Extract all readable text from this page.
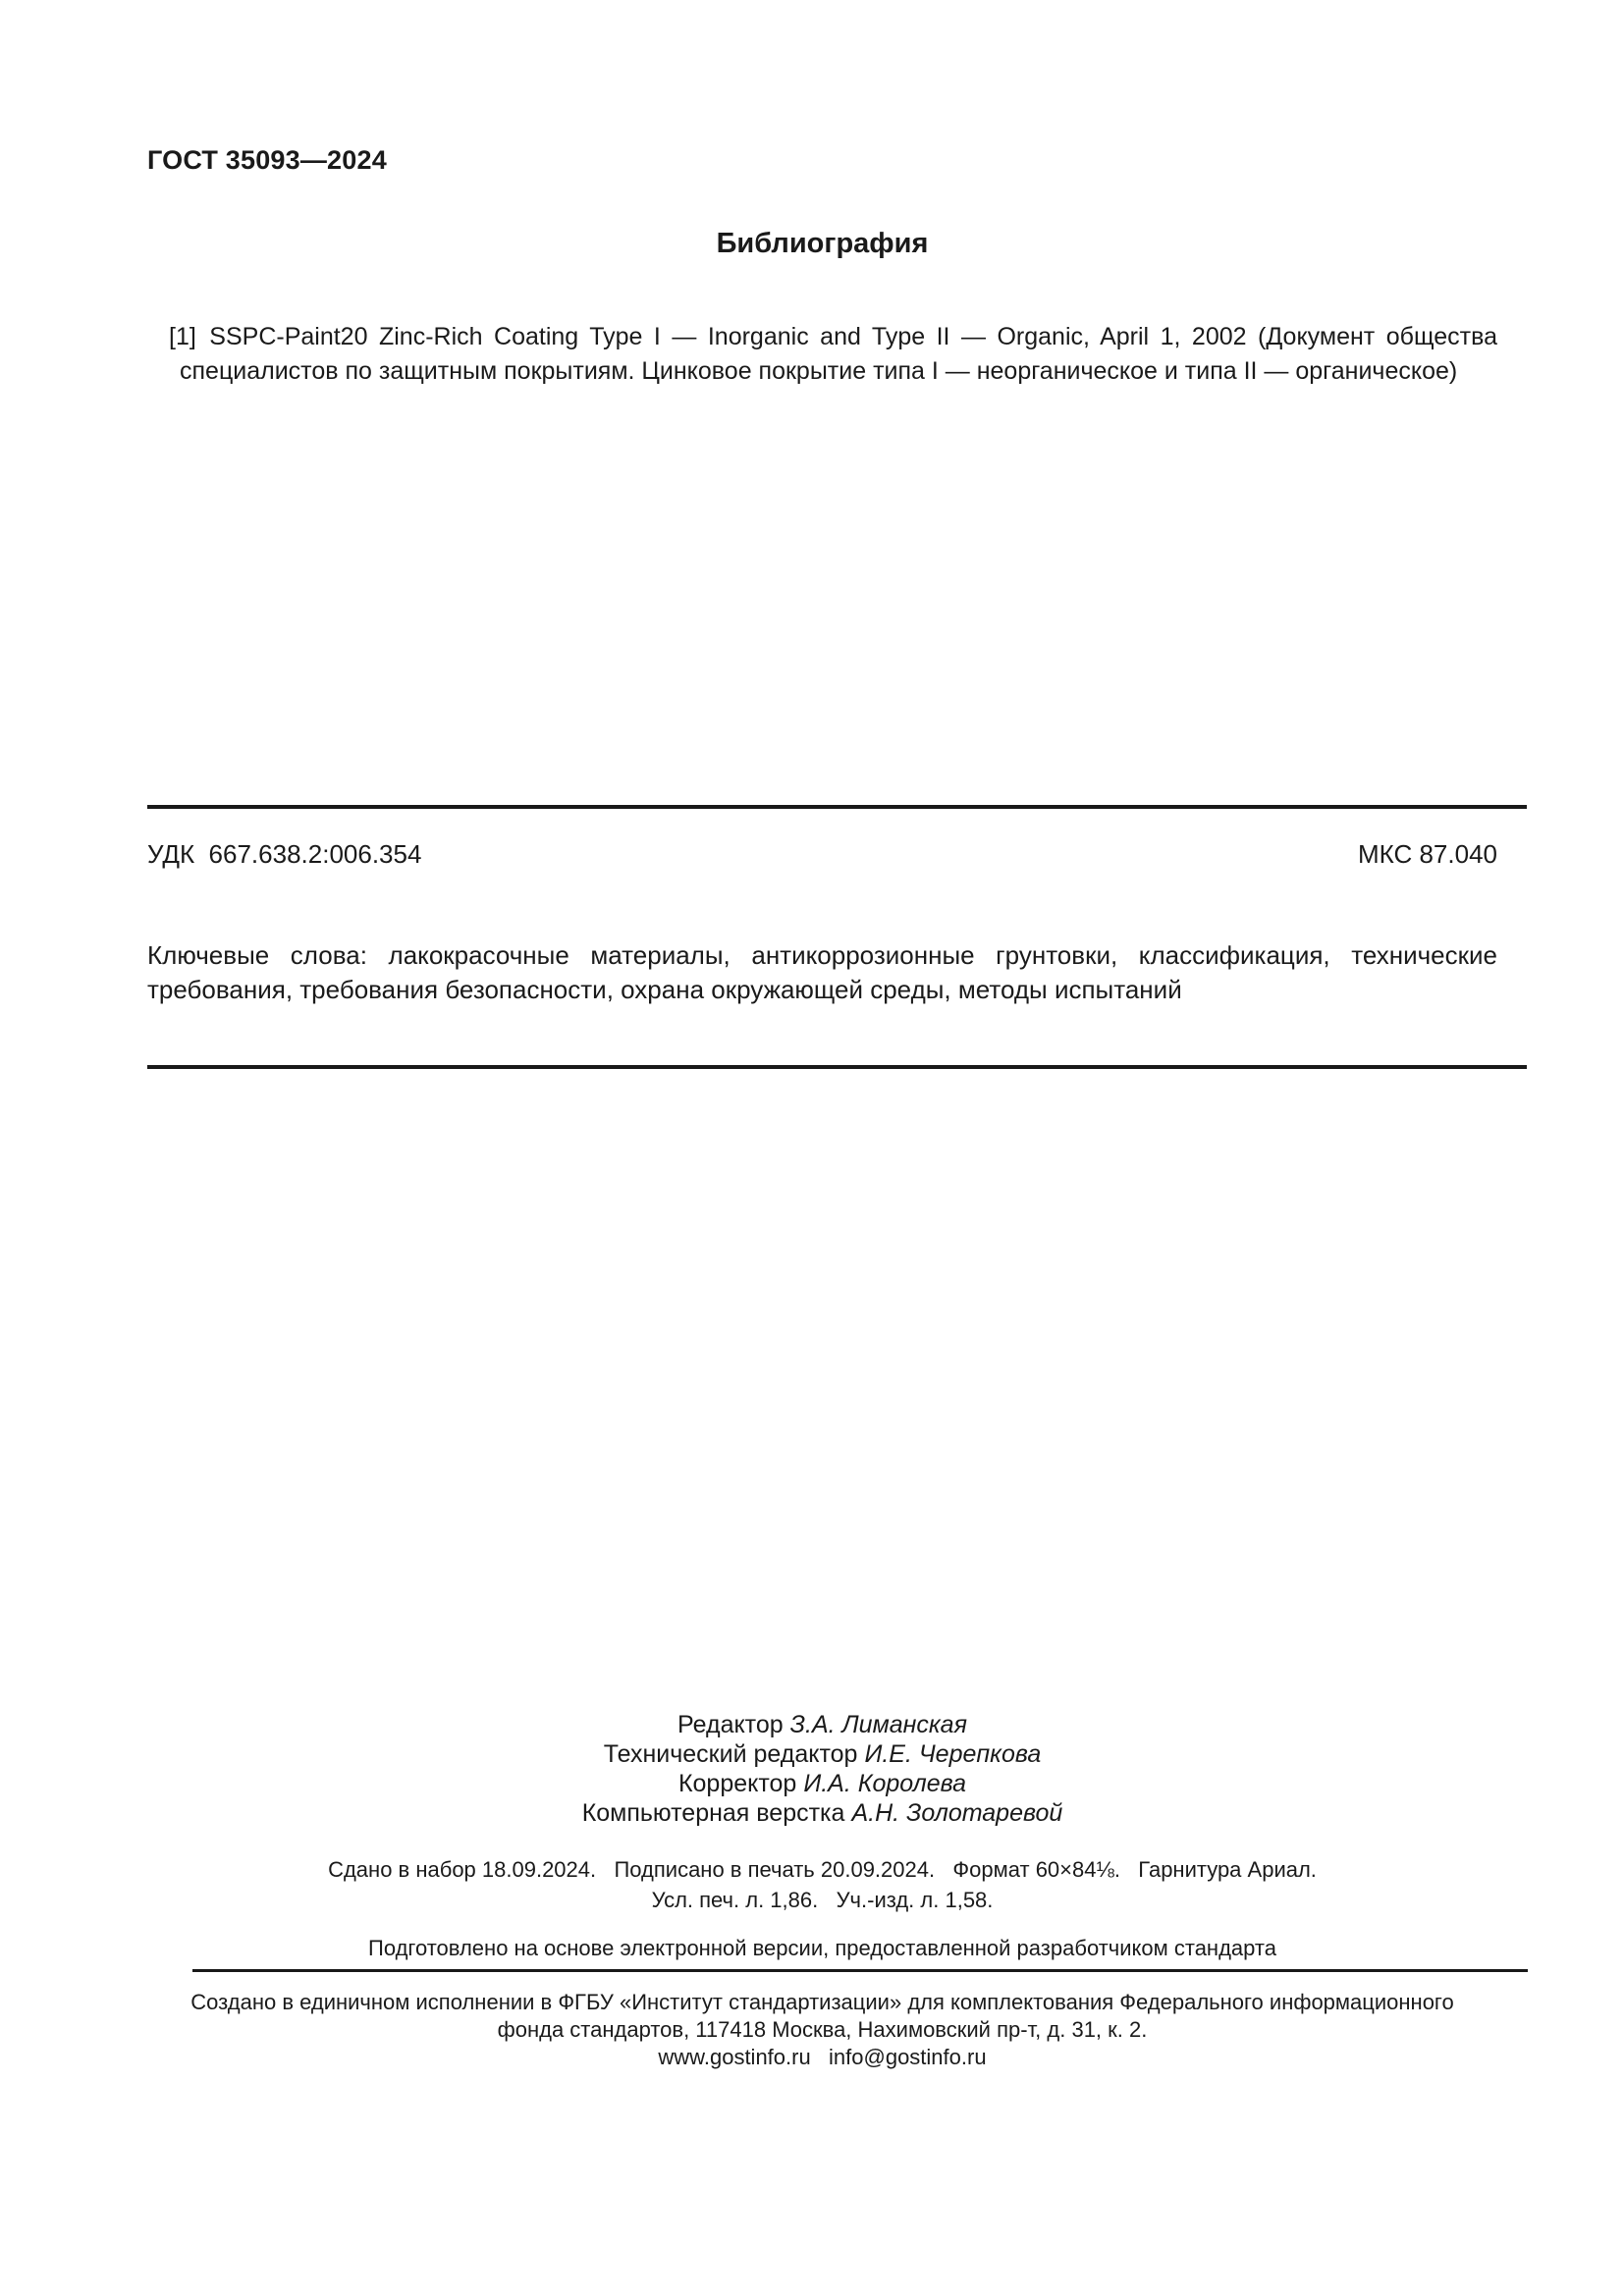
ГОСТ 35093—2024
Библиография

[1] SSPC-Paint20 Zinc-Rich Coating Type I — Inorganic and Type II — Organic, April 1, 2002 (Документ общества специалистов по защитным покрытиям. Цинковое покрытие типа I — неорганическое и типа II — органическое)

УДК  667.638.2:006.354	МКС 87.040

Ключевые слова: лакокрасочные материалы, антикоррозионные грунтовки, классификация, технические требования, требования безопасности, охрана окружающей среды, методы испытаний

Редактор З.А. Лиманская
Технический редактор И.Е. Черепкова
Корректор И.А. Королева
Компьютерная верстка А.Н. Золотаревой
Сдано в набор 18.09.2024.   Подписано в печать 20.09.2024.   Формат 60×84⅛.   Гарнитура Ариал.
Усл. печ. л. 1,86.   Уч.-изд. л. 1,58.
Подготовлено на основе электронной версии, предоставленной разработчиком стандарта
Создано в единичном исполнении в ФГБУ «Институт стандартизации» для комплектования Федерального информационного
фонда стандартов, 117418 Москва, Нахимовский пр-т, д. 31, к. 2.
www.gostinfo.ru   info@gostinfo.ru
